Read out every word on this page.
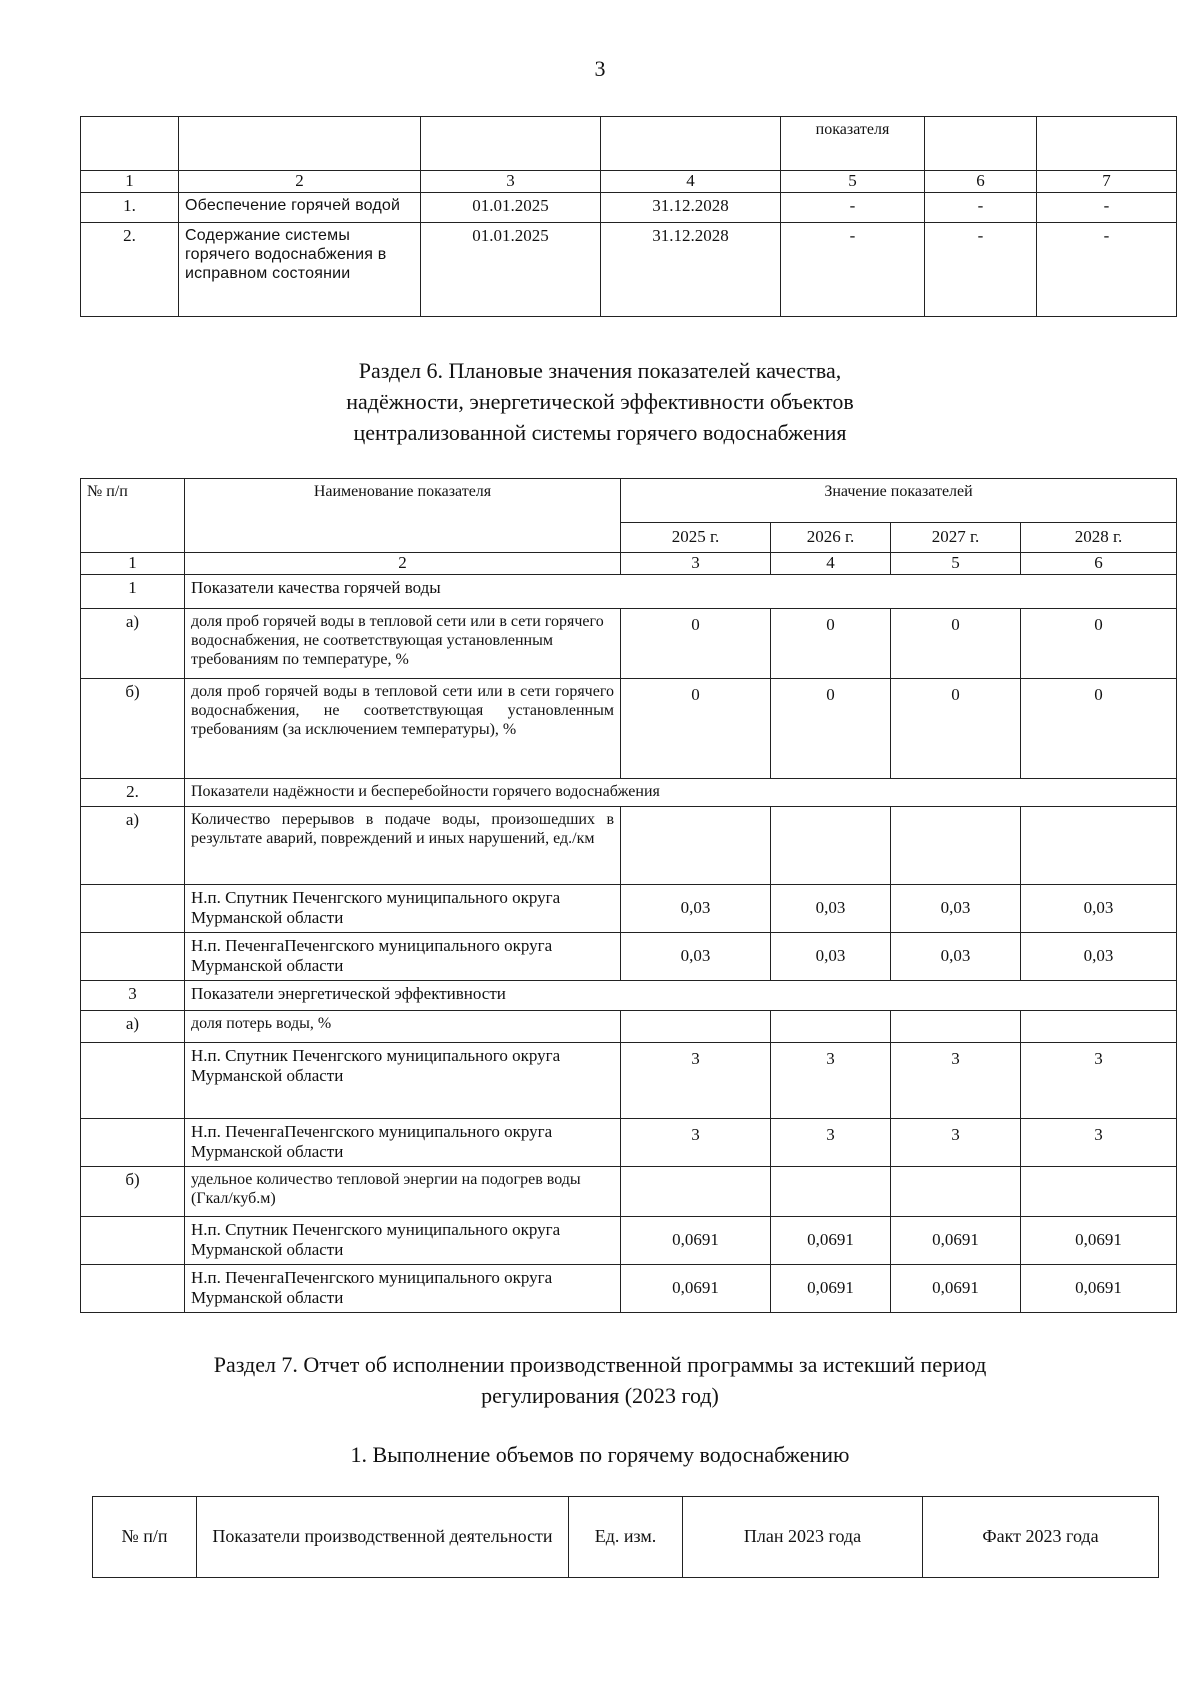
3
				показателя		
1	2	3	4	5	6	7
1.	Обеспечение горячей водой	01.01.2025	31.12.2028	-	-	-
2.	Содержание системы горячего водоснабжения в исправном состоянии	01.01.2025	31.12.2028	-	-	-
Раздел 6. Плановые значения показателей качества,
надёжности, энергетической эффективности объектов
централизованной системы горячего водоснабжения
№ п/п	Наименование показателя	Значение показателей			
		2025 г.	2026 г.	2027 г.	2028 г.
1	2	3	4	5	6
1	Показатели качества горячей воды				
а)	доля проб горячей воды в тепловой сети или в сети горячего водоснабжения, не соответствующая установленным требованиям по температуре, %	0	0	0	0
б)	доля проб горячей воды в тепловой сети или в сети горячего водоснабжения, не соответствующая установленным требованиям (за исключением температуры), %	0	0	0	0
2.	Показатели надёжности и бесперебойности горячего водоснабжения				
а)	Количество перерывов в подаче воды, произошедших в результате аварий, повреждений и иных нарушений, ед./км				
	Н.п. Спутник Печенгского муниципального округа Мурманской области	0,03	0,03	0,03	0,03
	Н.п. ПеченгаПеченгского муниципального округа Мурманской области	0,03	0,03	0,03	0,03
3	Показатели энергетической эффективности				
а)	доля потерь воды, %				
	Н.п. Спутник Печенгского муниципального округа Мурманской области	3	3	3	3
	Н.п. ПеченгаПеченгского муниципального округа Мурманской области	3	3	3	3
б)	удельное количество тепловой энергии на подогрев воды (Гкал/куб.м)				
	Н.п. Спутник Печенгского муниципального округа Мурманской области	0,0691	0,0691	0,0691	0,0691
	Н.п. ПеченгаПеченгского муниципального округа Мурманской области	0,0691	0,0691	0,0691	0,0691
Раздел 7. Отчет об исполнении производственной программы за истекший период
регулирования (2023 год)
1. Выполнение объемов по горячему водоснабжению
№ п/п	Показатели производственной деятельности	Ед. изм.	План 2023 года	Факт 2023 года
